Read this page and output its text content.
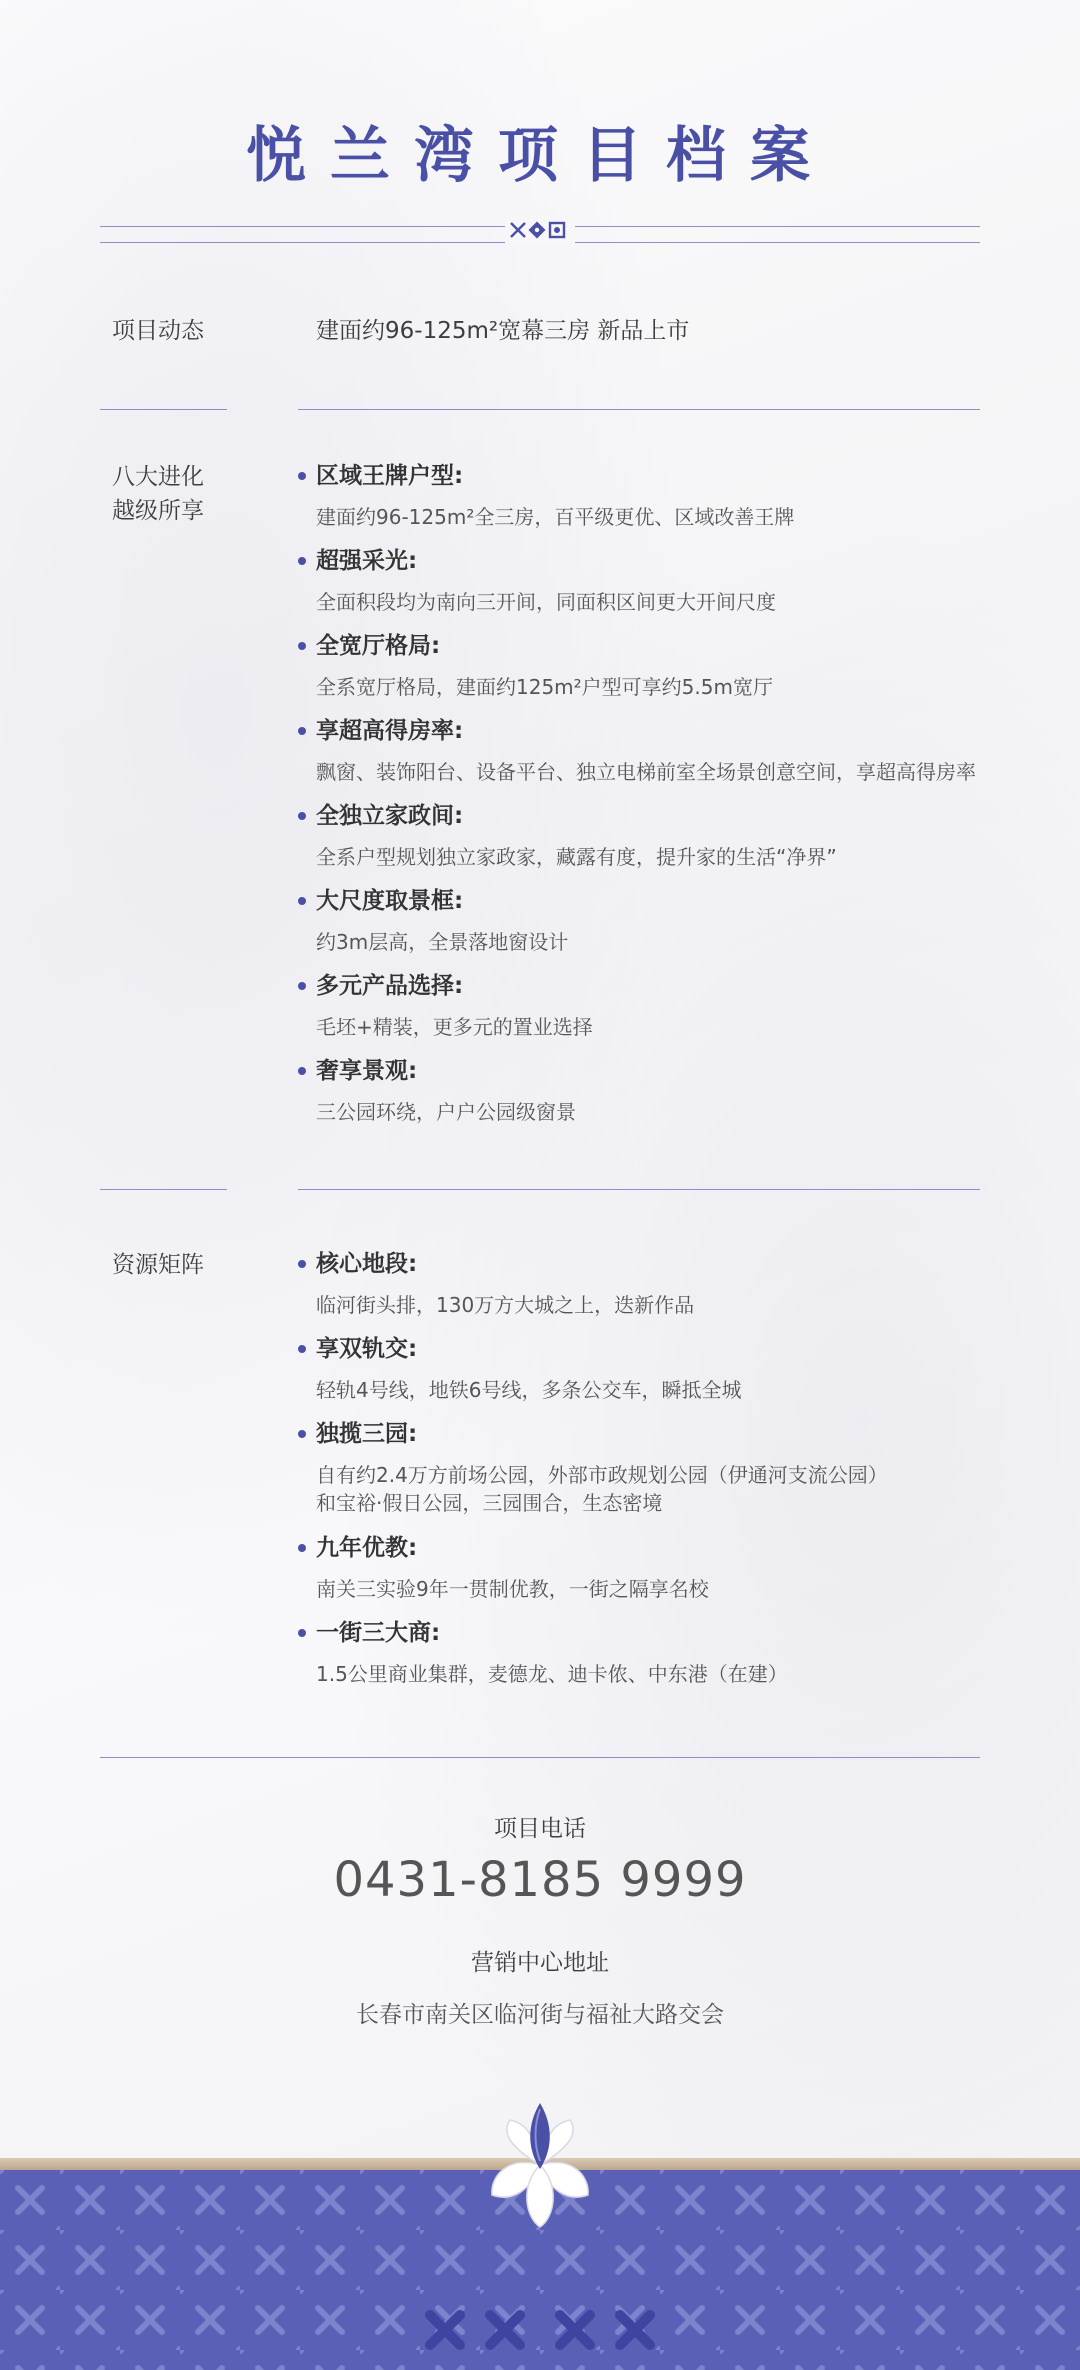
悦兰湾项目档案
项目动态	建面约96-125m²宽幕三房 新品上市
八大进化
越级所享
区域王牌户型 :
建面约96-125m²全三房，百平级更优、区域改善王牌
超强采光 :
全面积段均为南向三开间，同面积区间更大开间尺度
全宽厅格局 :
全系宽厅格局，建面约125m²户型可享约5.5m宽厅
享超高得房率 :
飘窗、装饰阳台、设备平台、独立电梯前室全场景创意空间，享超高得房率
全独立家政间 :
全系户型规划独立家政家，藏露有度，提升家的生活“净界”
大尺度取景框 :
约3m层高，全景落地窗设计
多元产品选择 :
毛坯+精装，更多元的置业选择
奢享景观 :
三公园环绕，户户公园级窗景
资源矩阵	核心地段 :
临河街头排，130万方大城之上，迭新作品
享双轨交 :
轻轨4号线，地铁6号线，多条公交车，瞬抵全城
独揽三园 :
自有约2.4万方前场公园，外部市政规划公园（伊通河支流公园）
和宝裕·假日公园，三园围合，生态密境
九年优教 :
南关三实验9年一贯制优教，一街之隔享名校
一街三大商 :
1.5公里商业集群，麦德龙、迪卡侬、中东港（在建）
项目电话
0431-8185 9999
营销中心地址
长春市南关区临河街与福祉大路交会
